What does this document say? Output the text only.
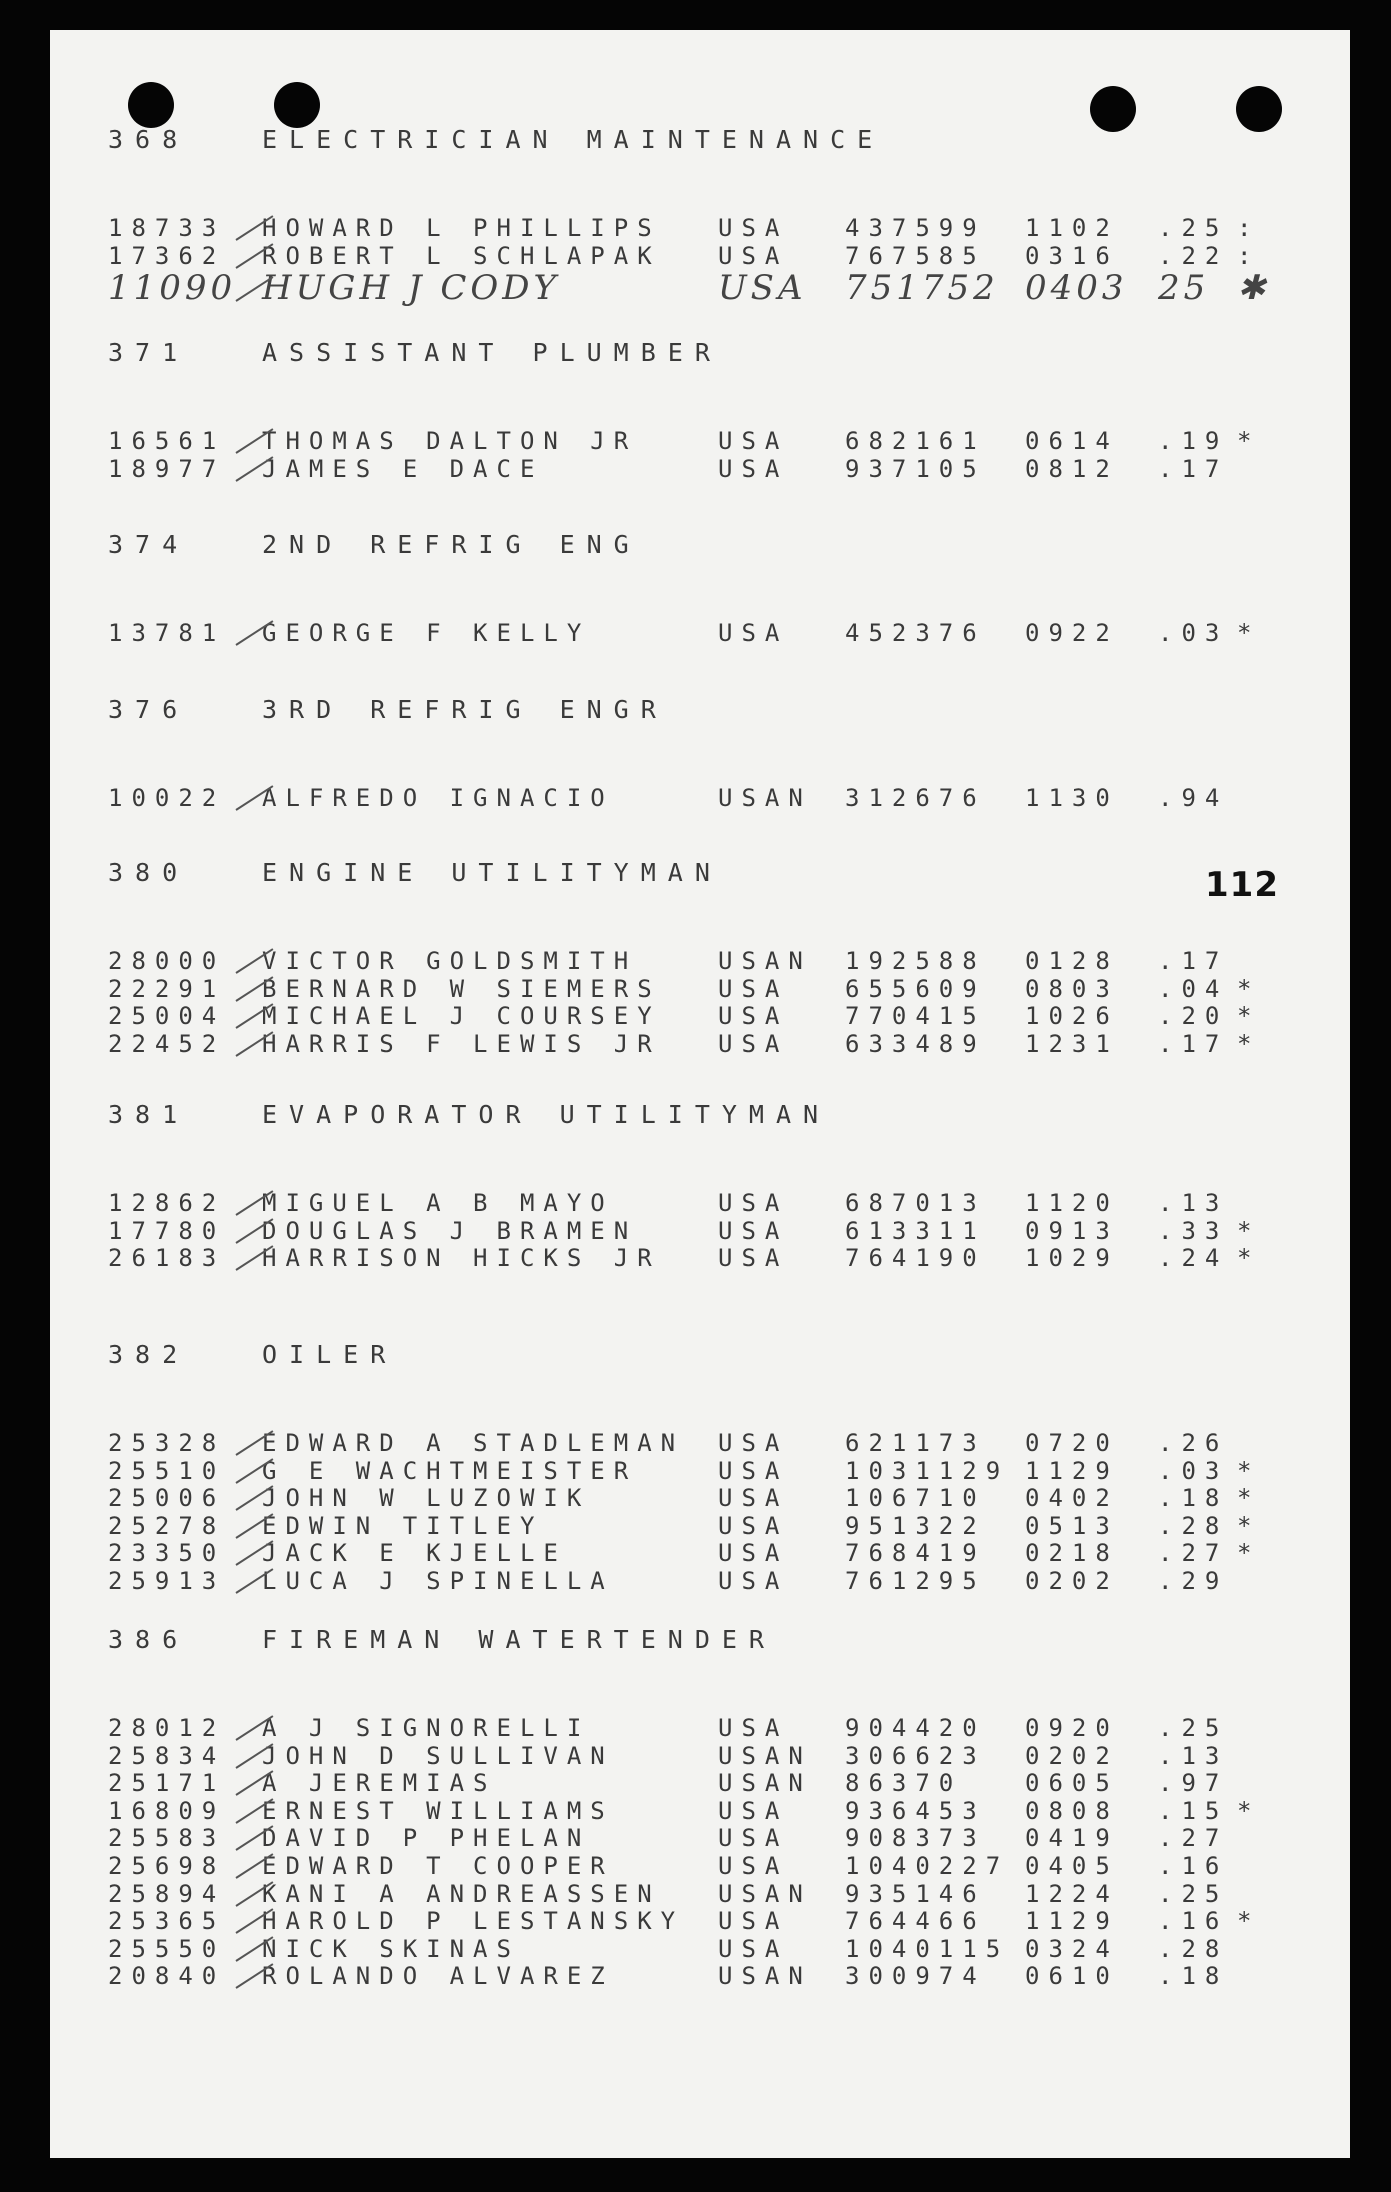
112
368	ELECTRICIAN MAINTENANCE
18733 HOWARD L PHILLIPS USA 437599 1102 .25 :
17362 ROBERT L SCHLAPAK USA 767585 0316 .22 :
11090 HUGH J CODY	USA 751752 0403 25 ✱
371	ASSISTANT PLUMBER
16561 THOMAS DALTON JR	USA 682161 0614 .19 *
18977 JAMES E DACE	USA 937105 0812 .17
374	2ND REFRIG ENG
13781 GEORGE F KELLY	USA 452376 0922 .03 *
376	3RD REFRIG ENGR
10022 ALFREDO IGNACIO	USAN 312676 1130 .94
380	ENGINE UTILITYMAN
28000 VICTOR GOLDSMITH	USAN 192588 0128 .17
22291 BERNARD W SIEMERS USA 655609 0803 .04 *
25004 MICHAEL J COURSEY USA 770415 1026 .20 *
22452 HARRIS F LEWIS JR USA 633489 1231 .17 *
381	EVAPORATOR UTILITYMAN
12862 MIGUEL A B MAYO	USA 687013 1120 .13
17780 DOUGLAS J BRAMEN	USA 613311 0913 .33 *
26183 HARRISON HICKS JR USA 764190 1029 .24 *
382	OILER
25328 EDWARD A STADLEMAN USA 621173 0720 .26
25510 G E WACHTMEISTER	USA 1031129 1129 .03 *
25006 JOHN W LUZOWIK	USA 106710 0402 .18 *
25278 EDWIN TITLEY	USA 951322 0513 .28 *
23350 JACK E KJELLE	USA 768419 0218 .27 *
25913 LUCA J SPINELLA	USA 761295 0202 .29
386	FIREMAN WATERTENDER
28012 A J SIGNORELLI	USA 904420 0920 .25
25834 JOHN D SULLIVAN	USAN 306623 0202 .13
25171 A JEREMIAS	USAN 86370	0605 .97
16809 ERNEST WILLIAMS	USA 936453 0808 .15 *
25583 DAVID P PHELAN	USA 908373 0419 .27
25698 EDWARD T COOPER	USA 1040227 0405 .16
25894 KANI A ANDREASSEN USAN 935146 1224 .25
25365 HAROLD P LESTANSKY USA 764466 1129 .16 *
25550 NICK SKINAS	USA 1040115 0324 .28
20840 ROLANDO ALVAREZ	USAN 300974 0610 .18
